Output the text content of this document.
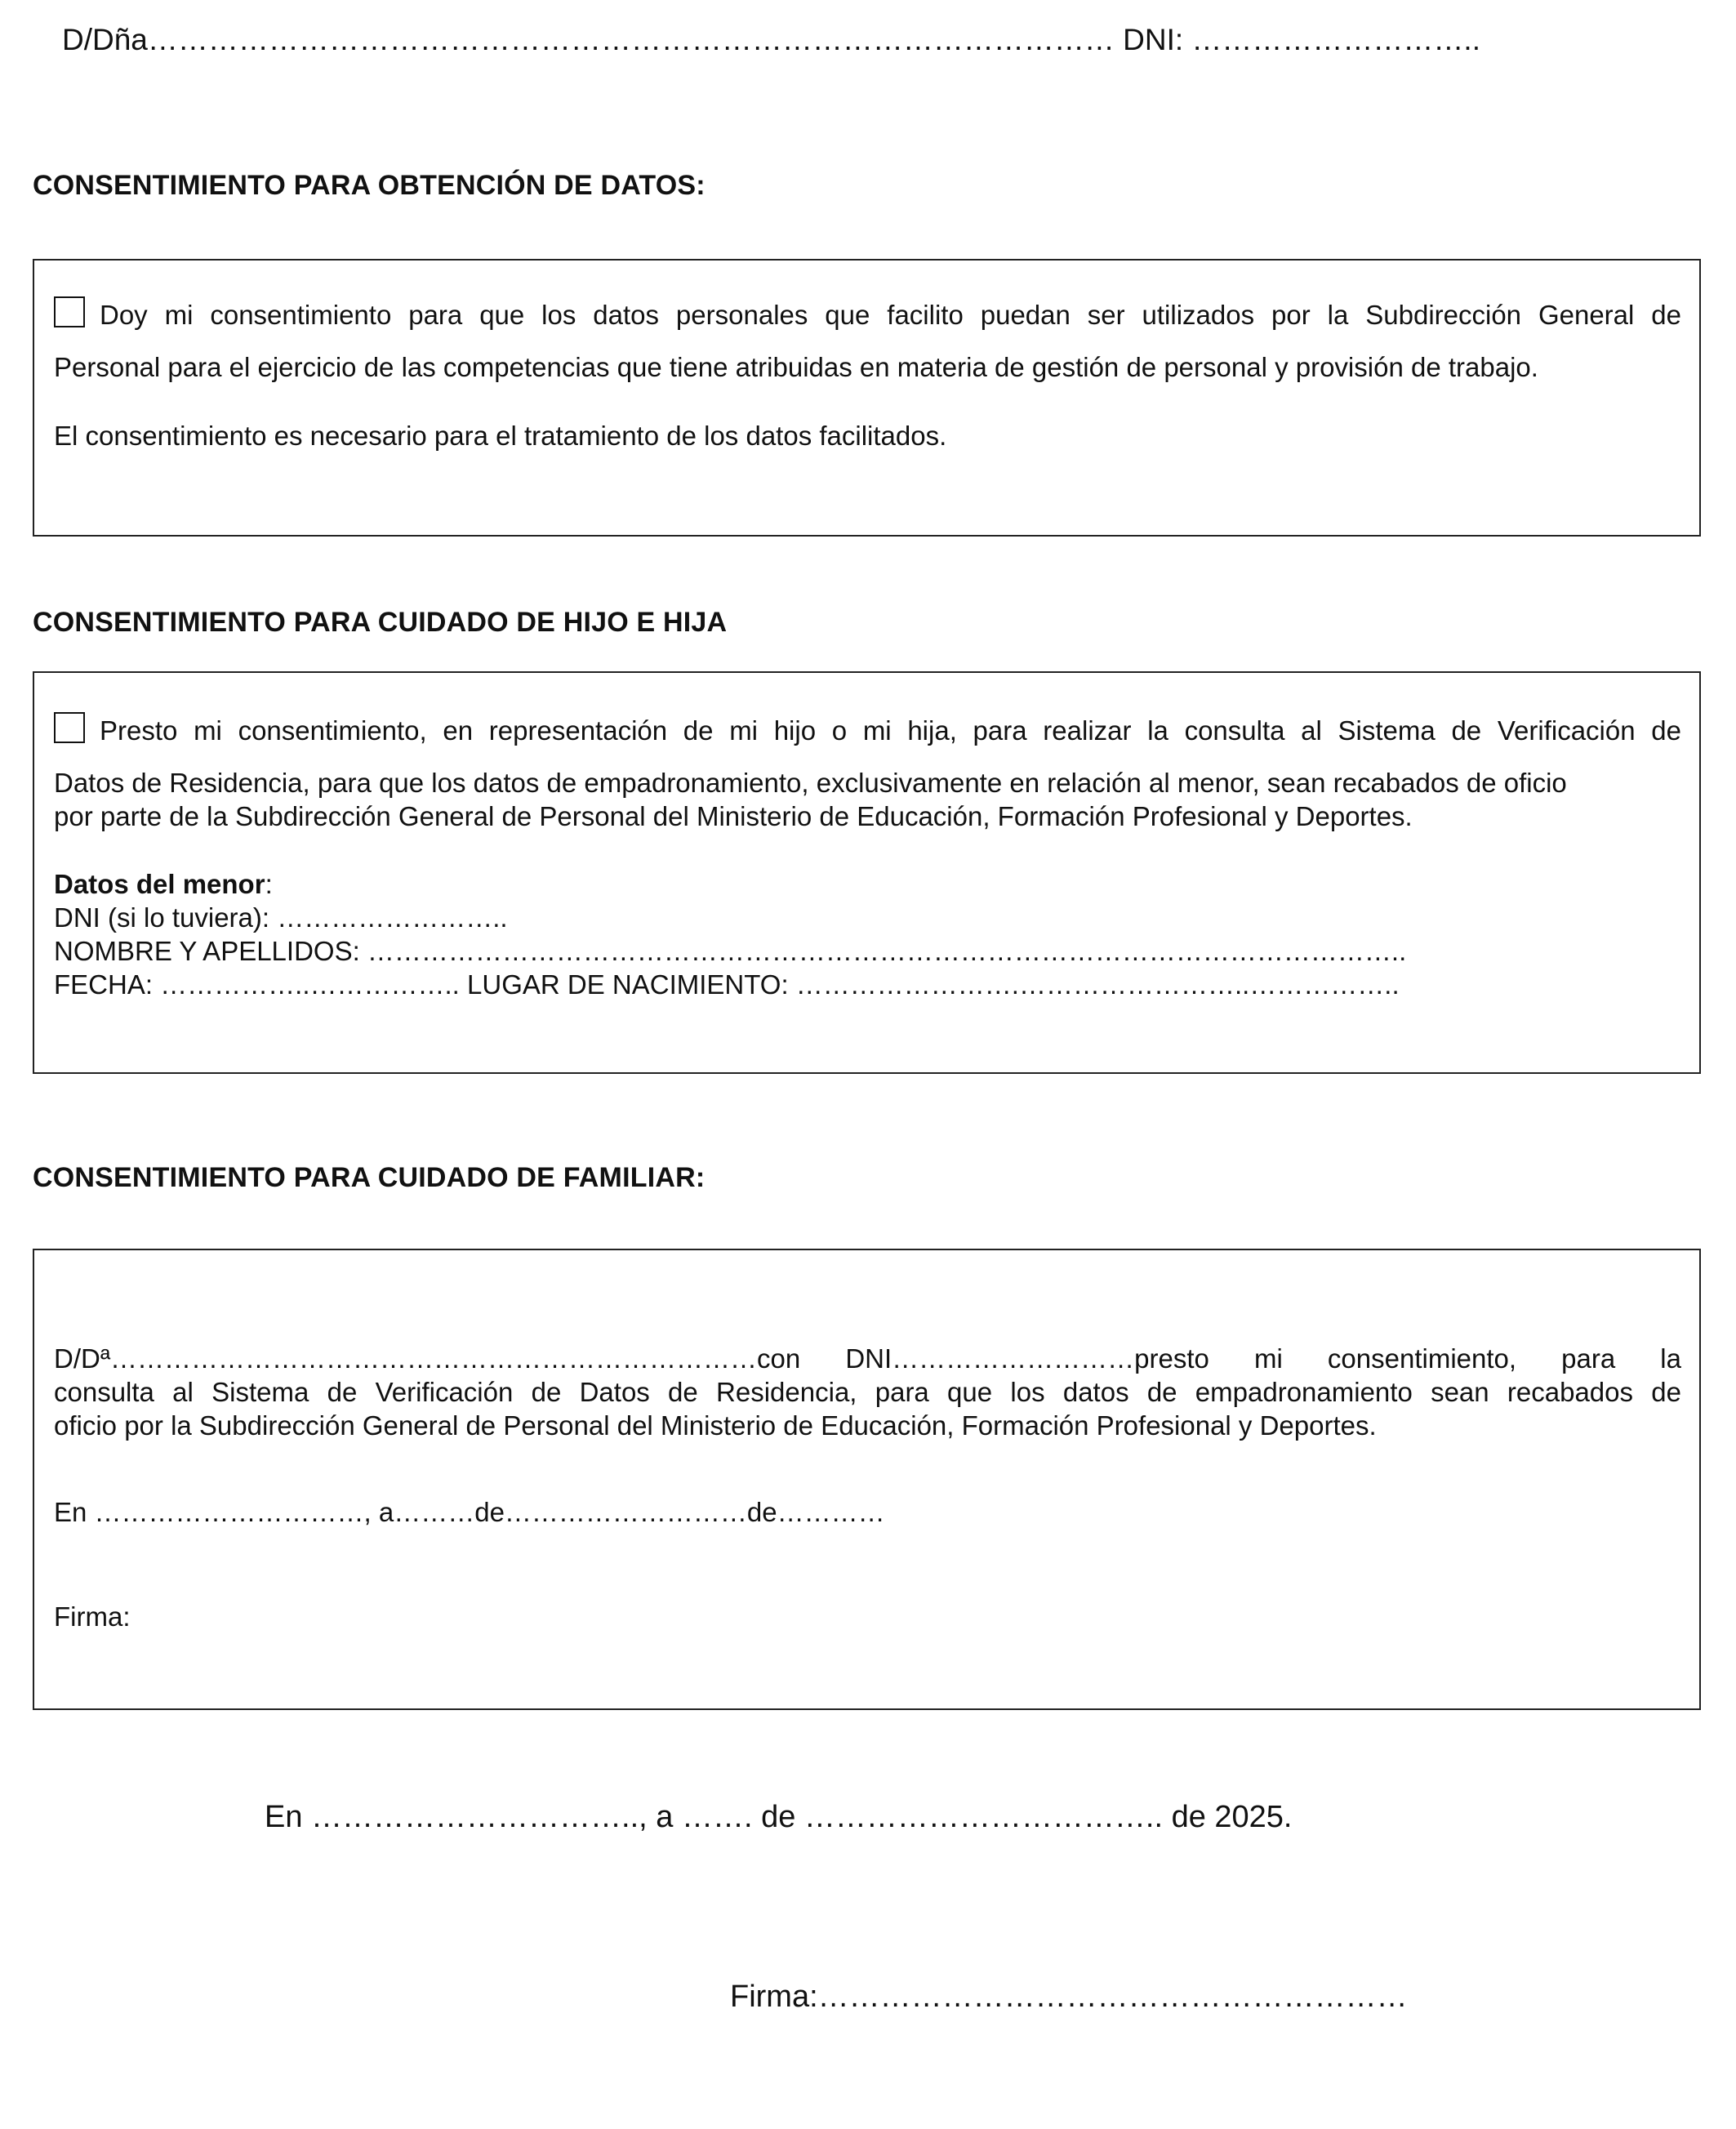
D/Dña…………………………………………………………………………………… DNI: ………………………..
CONSENTIMIENTO PARA OBTENCIÓN DE DATOS:
Doy mi consentimiento para que los datos personales que facilito puedan ser utilizados por la Subdirección General de
Personal para el ejercicio de las competencias que tiene atribuidas en materia de gestión de personal y provisión de trabajo.
El consentimiento es necesario para el tratamiento de los datos facilitados.
CONSENTIMIENTO PARA CUIDADO DE HIJO E HIJA
Presto mi consentimiento, en representación de mi hijo o mi hija, para realizar la consulta al Sistema de Verificación de
Datos de Residencia, para que los datos de empadronamiento, exclusivamente en relación al menor, sean recabados de oficio
por parte de la Subdirección General de Personal del Ministerio de Educación, Formación Profesional y Deportes.
Datos del menor:
DNI (si lo tuviera): ……………………..
NOMBRE Y APELLIDOS: ……………………………………………………………………………………………………..
FECHA: ……………..…………….. LUGAR DE NACIMIENTO: …………………….……………………..……………..
CONSENTIMIENTO PARA CUIDADO DE FAMILIAR:
D/Dª………………………………………………………………con DNI………………………presto mi consentimiento, para la
consulta al Sistema de Verificación de Datos de Residencia, para que los datos de empadronamiento sean recabados de
oficio por la Subdirección General de Personal del Ministerio de Educación, Formación Profesional y Deportes.
En …………………………, a………de………………………de…………
Firma:
En ………………………….., a ……. de …………………………….. de 2025.
Firma:…………………………………………………
